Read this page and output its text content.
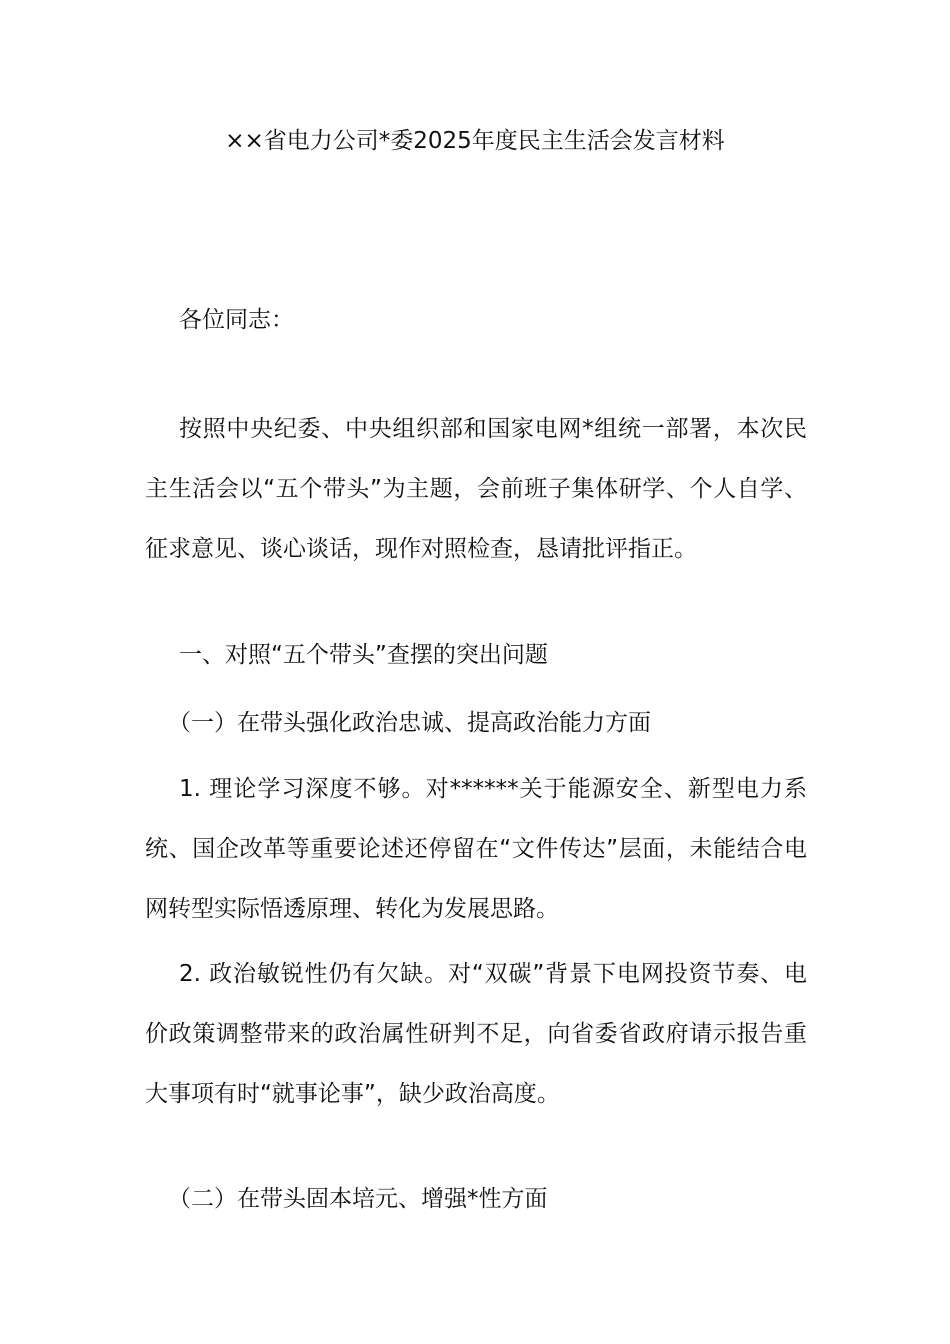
××省电力公司*委2025年度民主生活会发言材料
各位同志：

按照中央纪委、中央组织部和国家电网*组统一部署，本次民主生活会以“五个带头”为主题，会前班子集体研学、个人自学、征求意见、谈心谈话，现作对照检查，恳请批评指正。

一、对照“五个带头”查摆的突出问题
（一）在带头强化政治忠诚、提高政治能力方面

1. 理论学习深度不够。对******关于能源安全、新型电力系统、国企改革等重要论述还停留在“文件传达”层面，未能结合电网转型实际悟透原理、转化为发展思路。

2. 政治敏锐性仍有欠缺。对“双碳”背景下电网投资节奏、电价政策调整带来的政治属性研判不足，向省委省政府请示报告重大事项有时“就事论事”，缺少政治高度。

（二）在带头固本培元、增强*性方面
